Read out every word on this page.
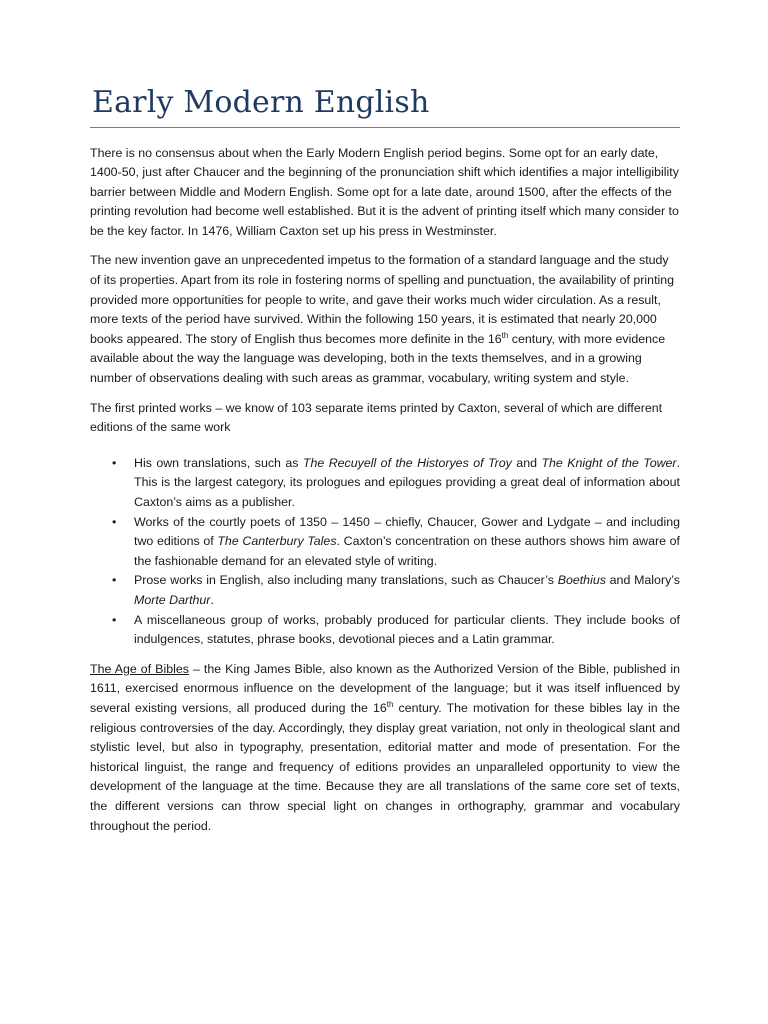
Early Modern English

There is no consensus about when the Early Modern English period begins. Some opt for an early date, 1400-50, just after Chaucer and the beginning of the pronunciation shift which identifies a major intelligibility barrier between Middle and Modern English. Some opt for a late date, around 1500, after the effects of the printing revolution had become well established. But it is the advent of printing itself which many consider to be the key factor. In 1476, William Caxton set up his press in Westminster.

The new invention gave an unprecedented impetus to the formation of a standard language and the study of its properties. Apart from its role in fostering norms of spelling and punctuation, the availability of printing provided more opportunities for people to write, and gave their works much wider circulation. As a result, more texts of the period have survived. Within the following 150 years, it is estimated that nearly 20,000 books appeared. The story of English thus becomes more definite in the 16th century, with more evidence available about the way the language was developing, both in the texts themselves, and in a growing number of observations dealing with such areas as grammar, vocabulary, writing system and style.

The first printed works – we know of 103 separate items printed by Caxton, several of which are different editions of the same work

• His own translations, such as The Recuyell of the Historyes of Troy and The Knight of the Tower. This is the largest category, its prologues and epilogues providing a great deal of information about Caxton’s aims as a publisher.
• Works of the courtly poets of 1350 – 1450 – chiefly, Chaucer, Gower and Lydgate – and including two editions of The Canterbury Tales. Caxton’s concentration on these authors shows him aware of the fashionable demand for an elevated style of writing.
• Prose works in English, also including many translations, such as Chaucer’s Boethius and Malory’s Morte Darthur.
• A miscellaneous group of works, probably produced for particular clients. They include books of indulgences, statutes, phrase books, devotional pieces and a Latin grammar.

The Age of Bibles – the King James Bible, also known as the Authorized Version of the Bible, published in 1611, exercised enormous influence on the development of the language; but it was itself influenced by several existing versions, all produced during the 16th century. The motivation for these bibles lay in the religious controversies of the day. Accordingly, they display great variation, not only in theological slant and stylistic level, but also in typography, presentation, editorial matter and mode of presentation. For the historical linguist, the range and frequency of editions provides an unparalleled opportunity to view the development of the language at the time. Because they are all translations of the same core set of texts, the different versions can throw special light on changes in orthography, grammar and vocabulary throughout the period.
